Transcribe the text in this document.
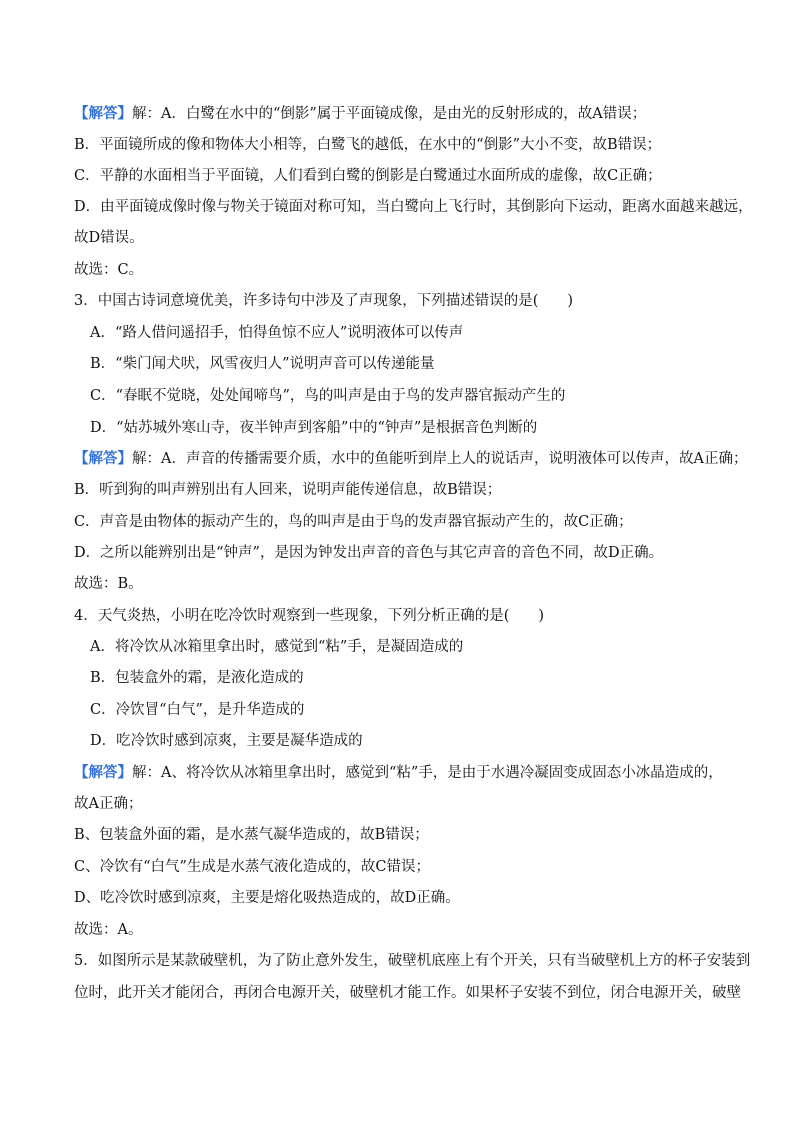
【解答】解：A．白鹭在水中的“倒影”属于平面镜成像，是由光的反射形成的，故A错误；
B．平面镜所成的像和物体大小相等，白鹭飞的越低，在水中的“倒影”大小不变，故B错误；
C．平静的水面相当于平面镜，人们看到白鹭的倒影是白鹭通过水面所成的虚像，故C正确；
D．由平面镜成像时像与物关于镜面对称可知，当白鹭向上飞行时，其倒影向下运动，距离水面越来越远，
故D错误。
故选：C。
3．中国古诗词意境优美，许多诗句中涉及了声现象，下列描述错误的是(　　)
A．“路人借问遥招手，怕得鱼惊不应人”说明液体可以传声
B．“柴门闻犬吠，风雪夜归人”说明声音可以传递能量
C．“春眠不觉晓，处处闻啼鸟”，鸟的叫声是由于鸟的发声器官振动产生的
D．“姑苏城外寒山寺，夜半钟声到客船”中的“钟声”是根据音色判断的
【解答】解：A．声音的传播需要介质，水中的鱼能听到岸上人的说话声，说明液体可以传声，故A正确；
B．听到狗的叫声辨别出有人回来，说明声能传递信息，故B错误；
C．声音是由物体的振动产生的，鸟的叫声是由于鸟的发声器官振动产生的，故C正确；
D．之所以能辨别出是“钟声”，是因为钟发出声音的音色与其它声音的音色不同，故D正确。
故选：B。
4．天气炎热，小明在吃冷饮时观察到一些现象，下列分析正确的是(　　)
A．将冷饮从冰箱里拿出时，感觉到“粘”手，是凝固造成的
B．包装盒外的霜，是液化造成的
C．冷饮冒“白气”，是升华造成的
D．吃冷饮时感到凉爽，主要是凝华造成的
【解答】解：A、将冷饮从冰箱里拿出时，感觉到“粘”手，是由于水遇冷凝固变成固态小冰晶造成的，
故A正确；
B、包装盒外面的霜，是水蒸气凝华造成的，故B错误；
C、冷饮有“白气”生成是水蒸气液化造成的，故C错误；
D、吃冷饮时感到凉爽，主要是熔化吸热造成的，故D正确。
故选：A。
5．如图所示是某款破壁机，为了防止意外发生，破壁机底座上有个开关，只有当破壁机上方的杯子安装到
位时，此开关才能闭合，再闭合电源开关，破壁机才能工作。如果杯子安装不到位，闭合电源开关，破壁
